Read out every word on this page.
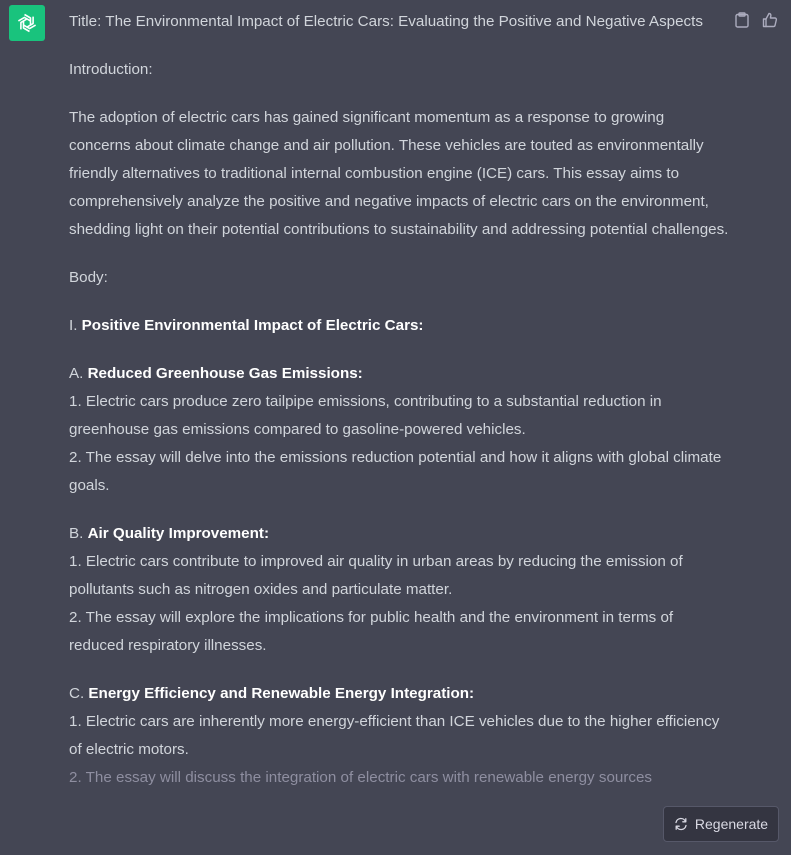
Title: The Environmental Impact of Electric Cars: Evaluating the Positive and Negative Aspects

Introduction:

The adoption of electric cars has gained significant momentum as a response to growing concerns about climate change and air pollution. These vehicles are touted as environmentally friendly alternatives to traditional internal combustion engine (ICE) cars. This essay aims to comprehensively analyze the positive and negative impacts of electric cars on the environment, shedding light on their potential contributions to sustainability and addressing potential challenges.

Body:

I. Positive Environmental Impact of Electric Cars:

A. Reduced Greenhouse Gas Emissions:
1. Electric cars produce zero tailpipe emissions, contributing to a substantial reduction in greenhouse gas emissions compared to gasoline-powered vehicles.
2. The essay will delve into the emissions reduction potential and how it aligns with global climate goals.

B. Air Quality Improvement:
1. Electric cars contribute to improved air quality in urban areas by reducing the emission of pollutants such as nitrogen oxides and particulate matter.
2. The essay will explore the implications for public health and the environment in terms of reduced respiratory illnesses.

C. Energy Efficiency and Renewable Energy Integration:
1. Electric cars are inherently more energy-efficient than ICE vehicles due to the higher efficiency of electric motors.
2. The essay will discuss the integration of electric cars with renewable energy sources

Regenerate
